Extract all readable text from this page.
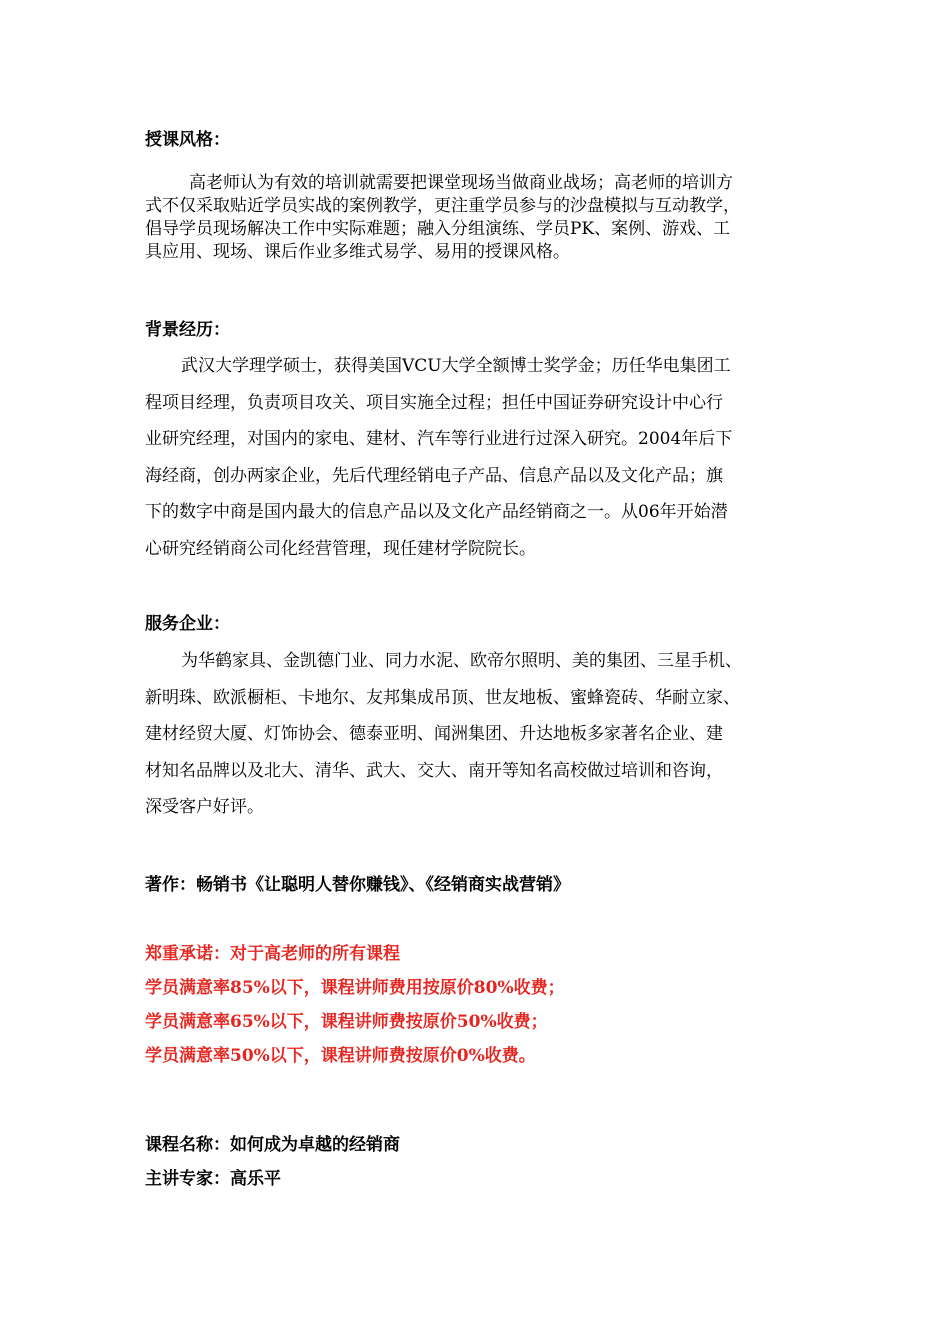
授课风格：
高老师认为有效的培训就需要把课堂现场当做商业战场；高老师的培训方
式不仅采取贴近学员实战的案例教学，更注重学员参与的沙盘模拟与互动教学，
倡导学员现场解决工作中实际难题；融入分组演练、学员PK、案例、游戏、工
具应用、现场、课后作业多维式易学、易用的授课风格。
背景经历：
武汉大学理学硕士，获得美国VCU大学全额博士奖学金；历任华电集团工
程项目经理，负责项目攻关、项目实施全过程；担任中国证券研究设计中心行
业研究经理，对国内的家电、建材、汽车等行业进行过深入研究。2004年后下
海经商，创办两家企业，先后代理经销电子产品、信息产品以及文化产品；旗
下的数字中商是国内最大的信息产品以及文化产品经销商之一。从06年开始潜
心研究经销商公司化经营管理，现任建材学院院长。
服务企业：
为华鹤家具、金凯德门业、同力水泥、欧帝尔照明、美的集团、三星手机、
新明珠、欧派橱柜、卡地尔、友邦集成吊顶、世友地板、蜜蜂瓷砖、华耐立家、
建材经贸大厦、灯饰协会、德泰亚明、闻洲集团、升达地板多家著名企业、建
材知名品牌以及北大、清华、武大、交大、南开等知名高校做过培训和咨询，
深受客户好评。
著作：畅销书《让聪明人替你赚钱》、《经销商实战营销》
郑重承诺：对于高老师的所有课程
学员满意率85%以下，课程讲师费用按原价80%收费；
学员满意率65%以下，课程讲师费按原价50%收费；
学员满意率50%以下，课程讲师费按原价0%收费。
课程名称：如何成为卓越的经销商
主讲专家：高乐平
